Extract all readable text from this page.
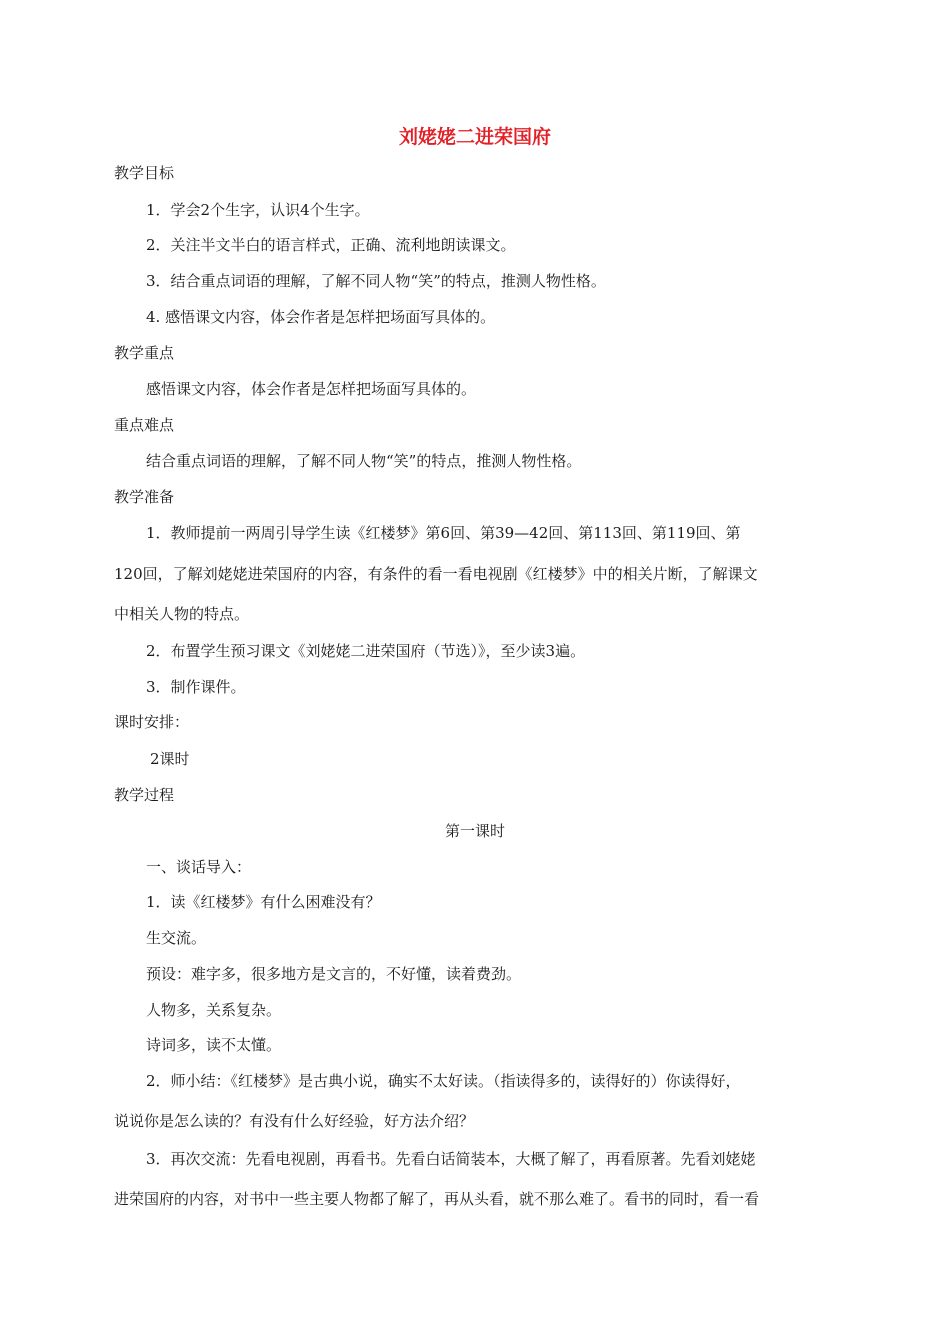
刘姥姥二进荣国府
教学目标
1．学会2个生字，认识4个生字。
2．关注半文半白的语言样式，正确、流利地朗读课文。
3．结合重点词语的理解，了解不同人物“笑”的特点，推测人物性格。
4. 感悟课文内容，体会作者是怎样把场面写具体的。
教学重点
感悟课文内容，体会作者是怎样把场面写具体的。
重点难点
结合重点词语的理解，了解不同人物“笑”的特点，推测人物性格。
教学准备
1．教师提前一两周引导学生读《红楼梦》第6回、第39—42回、第113回、第119回、第
120回，了解刘姥姥进荣国府的内容，有条件的看一看电视剧《红楼梦》中的相关片断，了解课文
中相关人物的特点。
2．布置学生预习课文《刘姥姥二进荣国府（节选）》，至少读3遍。
3．制作课件。
课时安排：
2课时
教学过程
第一课时
一、谈话导入：
1．读《红楼梦》有什么困难没有？
生交流。
预设：难字多，很多地方是文言的，不好懂，读着费劲。
人物多，关系复杂。
诗词多，读不太懂。
2．师小结：《红楼梦》是古典小说，确实不太好读。（指读得多的，读得好的）你读得好，
说说你是怎么读的？有没有什么好经验，好方法介绍？
3．再次交流：先看电视剧，再看书。先看白话简装本，大概了解了，再看原著。先看刘姥姥
进荣国府的内容，对书中一些主要人物都了解了，再从头看，就不那么难了。看书的同时，看一看
